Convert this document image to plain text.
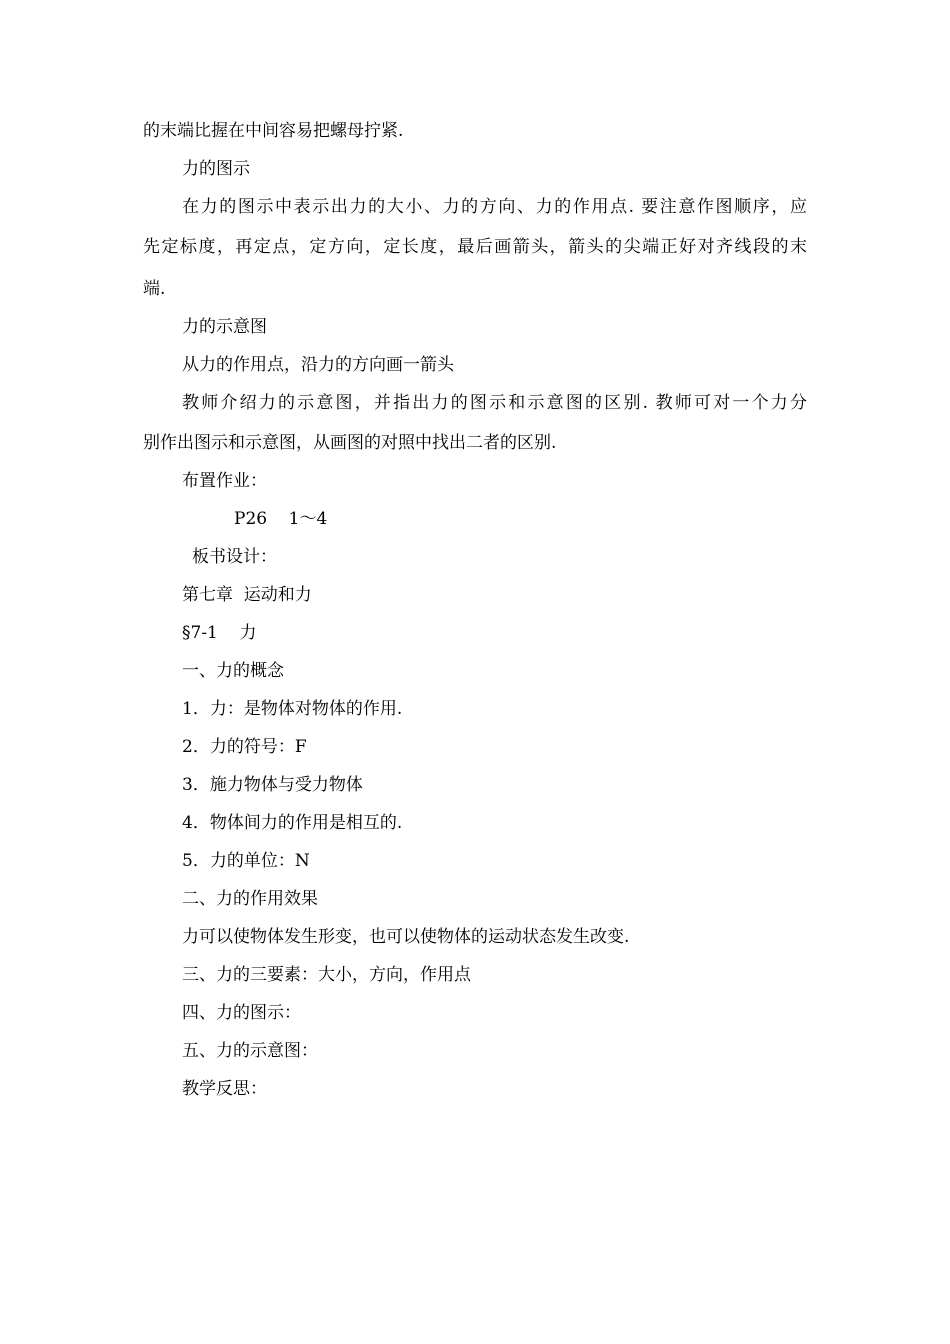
的末端比握在中间容易把螺母拧紧.
力的图示
在力的图示中表示出力的大小、力的方向、力的作用点. 要注意作图顺序，应
先定标度，再定点，定方向，定长度，最后画箭头，箭头的尖端正好对齐线段的末
端.
力的示意图
从力的作用点，沿力的方向画一箭头
教师介绍力的示意图，并指出力的图示和示意图的区别. 教师可对一个力分
别作出图示和示意图，从画图的对照中找出二者的区别.
布置作业：
P26    1～4
板书设计：
第七章  运动和力
§7-1    力
一、力的概念
1．力：是物体对物体的作用.
2．力的符号：F
3．施力物体与受力物体
4．物体间力的作用是相互的.
5．力的单位：N
二、力的作用效果
力可以使物体发生形变，也可以使物体的运动状态发生改变.
三、力的三要素：大小，方向，作用点
四、力的图示：
五、力的示意图：
教学反思：
